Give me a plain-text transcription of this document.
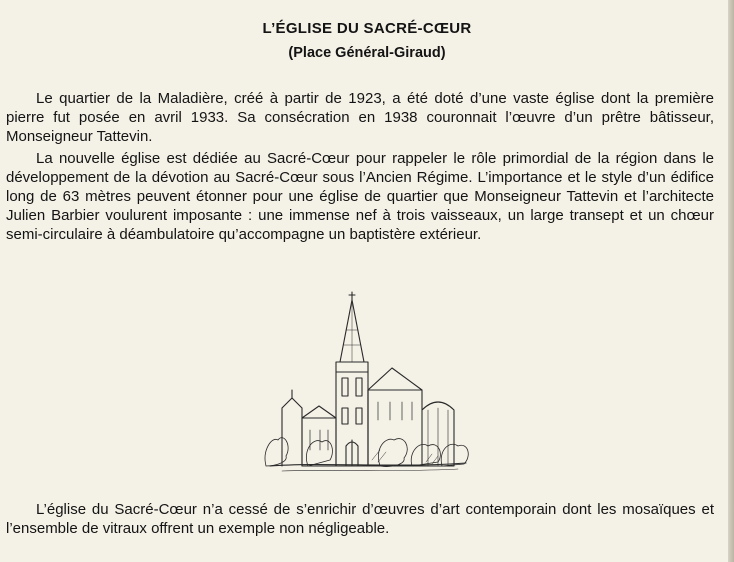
L’ÉGLISE DU SACRÉ-CŒUR
(Place Général-Giraud)

Le quartier de la Maladière, créé à partir de 1923, a été doté d’une vaste église dont la première pierre fut posée en avril 1933. Sa consécration en 1938 couronnait l’œuvre d’un prêtre bâtisseur, Monseigneur Tattevin.

La nouvelle église est dédiée au Sacré-Cœur pour rappeler le rôle primordial de la région dans le développement de la dévotion au Sacré-Cœur sous l’Ancien Régime. L’importance et le style d’un édifice long de 63 mètres peuvent étonner pour une église de quartier que Monseigneur Tattevin et l’architecte Julien Barbier voulurent imposante : une immense nef à trois vaisseaux, un large transept et un chœur semi-circulaire à déambulatoire qu’accompagne un baptistère extérieur.

L’église du Sacré-Cœur n’a cessé de s’enrichir d’œuvres d’art contemporain dont les mosaïques et l’ensemble de vitraux offrent un exemple non négligeable.
